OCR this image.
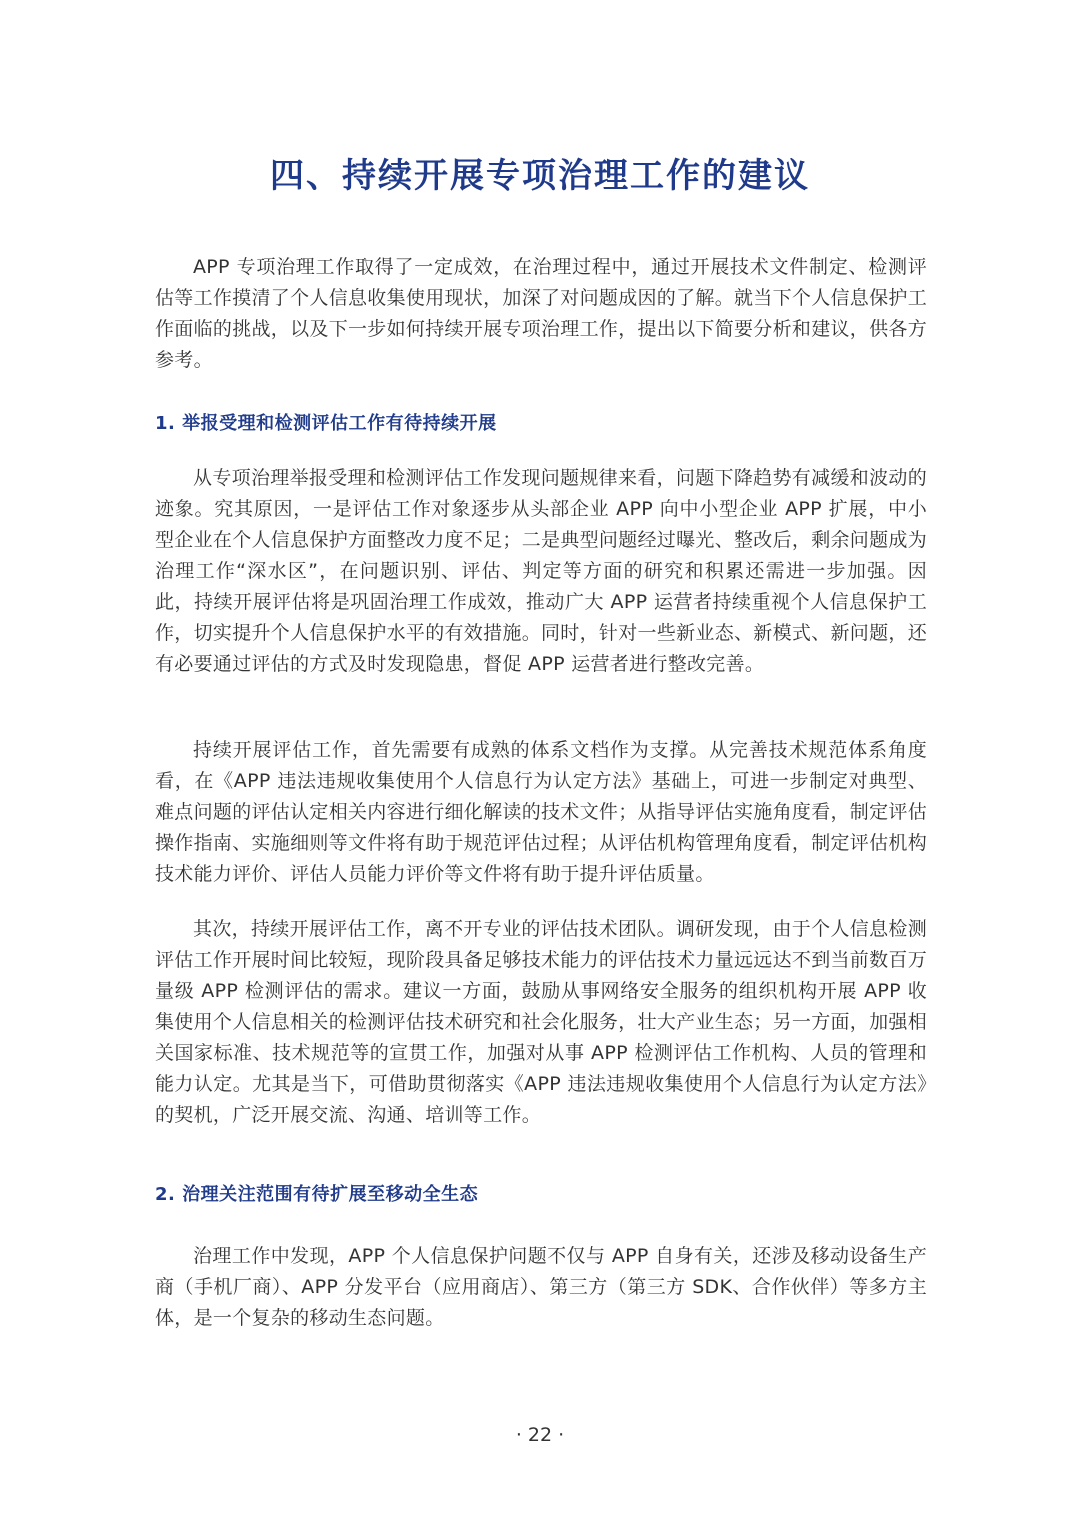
四、持续开展专项治理工作的建议

APP 专项治理工作取得了一定成效，在治理过程中，通过开展技术文件制定、检测评估等工作摸清了个人信息收集使用现状，加深了对问题成因的了解。就当下个人信息保护工作面临的挑战，以及下一步如何持续开展专项治理工作，提出以下简要分析和建议，供各方参考。

1. 举报受理和检测评估工作有待持续开展

从专项治理举报受理和检测评估工作发现问题规律来看，问题下降趋势有减缓和波动的迹象。究其原因，一是评估工作对象逐步从头部企业 APP 向中小型企业 APP 扩展，中小型企业在个人信息保护方面整改力度不足；二是典型问题经过曝光、整改后，剩余问题成为治理工作“深水区”，在问题识别、评估、判定等方面的研究和积累还需进一步加强。因此，持续开展评估将是巩固治理工作成效，推动广大 APP 运营者持续重视个人信息保护工作，切实提升个人信息保护水平的有效措施。同时，针对一些新业态、新模式、新问题，还有必要通过评估的方式及时发现隐患，督促 APP 运营者进行整改完善。

持续开展评估工作，首先需要有成熟的体系文档作为支撑。从完善技术规范体系角度看，在《APP 违法违规收集使用个人信息行为认定方法》基础上，可进一步制定对典型、难点问题的评估认定相关内容进行细化解读的技术文件；从指导评估实施角度看，制定评估操作指南、实施细则等文件将有助于规范评估过程；从评估机构管理角度看，制定评估机构技术能力评价、评估人员能力评价等文件将有助于提升评估质量。

其次，持续开展评估工作，离不开专业的评估技术团队。调研发现，由于个人信息检测评估工作开展时间比较短，现阶段具备足够技术能力的评估技术力量远远达不到当前数百万量级 APP 检测评估的需求。建议一方面，鼓励从事网络安全服务的组织机构开展 APP 收集使用个人信息相关的检测评估技术研究和社会化服务，壮大产业生态；另一方面，加强相关国家标准、技术规范等的宣贯工作，加强对从事 APP 检测评估工作机构、人员的管理和能力认定。尤其是当下，可借助贯彻落实《APP 违法违规收集使用个人信息行为认定方法》的契机，广泛开展交流、沟通、培训等工作。

2. 治理关注范围有待扩展至移动全生态

治理工作中发现，APP 个人信息保护问题不仅与 APP 自身有关，还涉及移动设备生产商（手机厂商）、APP 分发平台（应用商店）、第三方（第三方 SDK、合作伙伴）等多方主体，是一个复杂的移动生态问题。

· 22 ·
